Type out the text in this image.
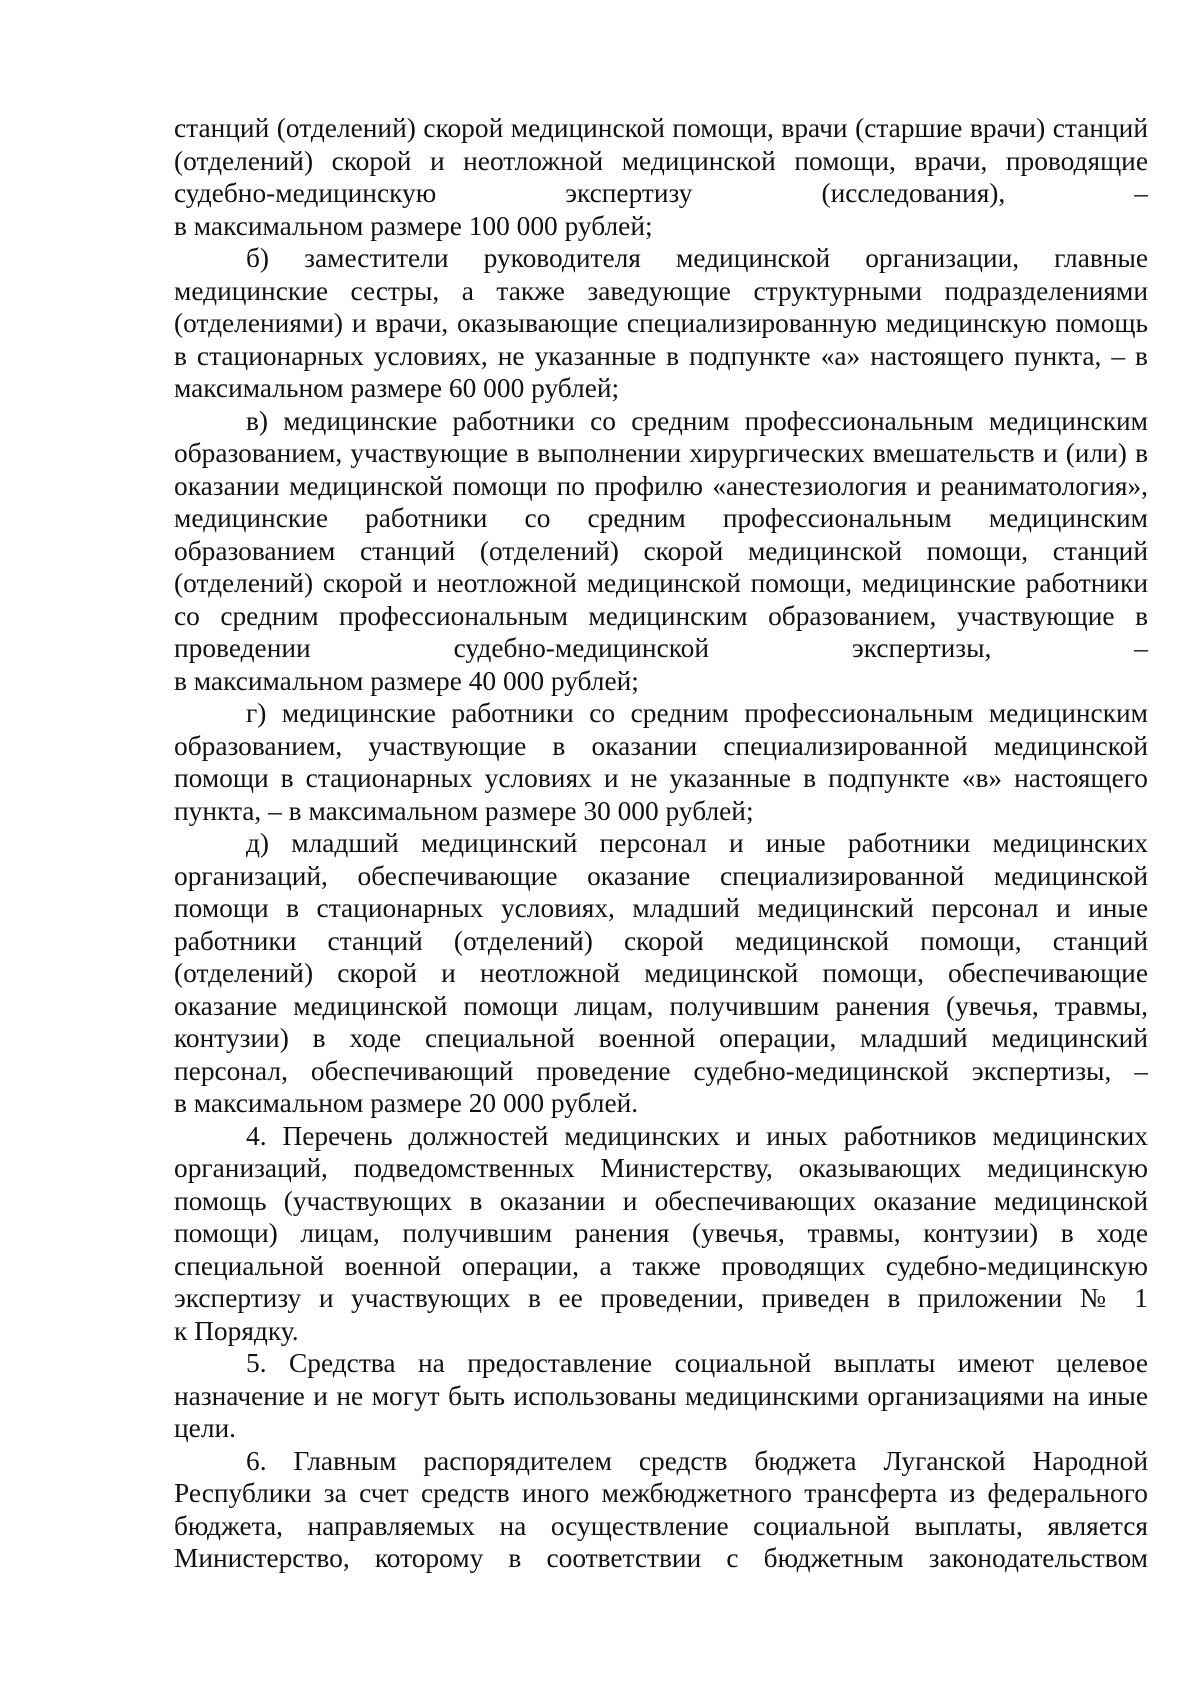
станций (отделений) скорой медицинской помощи, врачи (старшие врачи) станций (отделений) скорой и неотложной медицинской помощи, врачи, проводящие судебно-медицинскую экспертизу (исследования), –

в максимальном размере 100 000 рублей;

б) заместители руководителя медицинской организации, главные медицинские сестры, а также заведующие структурными подразделениями (отделениями) и врачи, оказывающие специализированную медицинскую помощь в стационарных условиях, не указанные в подпункте «а» настоящего пункта, – в максимальном размере 60 000 рублей;

в) медицинские работники со средним профессиональным медицинским образованием, участвующие в выполнении хирургических вмешательств и (или) в оказании медицинской помощи по профилю «анестезиология и реаниматология», медицинские работники со средним профессиональным медицинским образованием станций (отделений) скорой медицинской помощи, станций (отделений) скорой и неотложной медицинской помощи, медицинские работники со средним профессиональным медицинским образованием, участвующие в проведении судебно-медицинской экспертизы, –

в максимальном размере 40 000 рублей;

г) медицинские работники со средним профессиональным медицинским образованием, участвующие в оказании специализированной медицинской помощи в стационарных условиях и не указанные в подпункте «в» настоящего пункта, – в максимальном размере 30 000 рублей;

д) младший медицинский персонал и иные работники медицинских организаций, обеспечивающие оказание специализированной медицинской помощи в стационарных условиях, младший медицинский персонал и иные работники станций (отделений) скорой медицинской помощи, станций (отделений) скорой и неотложной медицинской помощи, обеспечивающие оказание медицинской помощи лицам, получившим ранения (увечья, травмы, контузии) в ходе специальной военной операции, младший медицинский персонал, обеспечивающий проведение судебно-медицинской экспертизы, –

в максимальном размере 20 000 рублей.

4. Перечень должностей медицинских и иных работников медицинских организаций, подведомственных Министерству, оказывающих медицинскую помощь (участвующих в оказании и обеспечивающих оказание медицинской помощи) лицам, получившим ранения (увечья, травмы, контузии) в ходе специальной военной операции, а также проводящих судебно-медицинскую экспертизу и участвующих в ее проведении, приведен в приложении № 1

к Порядку.

5. Средства на предоставление социальной выплаты имеют целевое назначение и не могут быть использованы медицинскими организациями на иные цели.

6. Главным распорядителем средств бюджета Луганской Народной Республики за счет средств иного межбюджетного трансферта из федерального бюджета, направляемых на осуществление социальной выплаты, является Министерство, которому в соответствии с бюджетным законодательством
